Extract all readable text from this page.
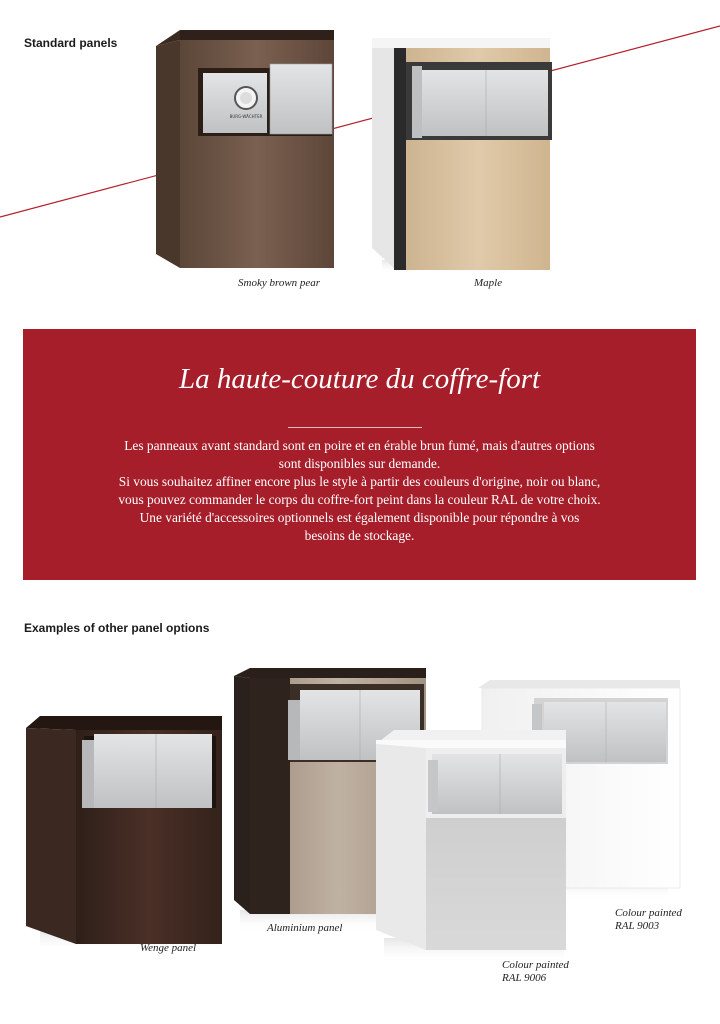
BURG-WÄCHTER
Standard panels
Smoky brown pear	Maple
La haute-couture du coffre-fort
Les panneaux avant standard sont en poire et en érable brun fumé, mais d'autres options
sont disponibles sur demande.
Si vous souhaitez affiner encore plus le style à partir des couleurs d'origine, noir ou blanc,
vous pouvez commander le corps du coffre-fort peint dans la couleur RAL de votre choix.
Une variété d'accessoires optionnels est également disponible pour répondre à vos
besoins de stockage.
Examples of other panel options
Wenge panel
Aluminium panel
Colour painted
RAL 9006
Colour painted
RAL 9003
